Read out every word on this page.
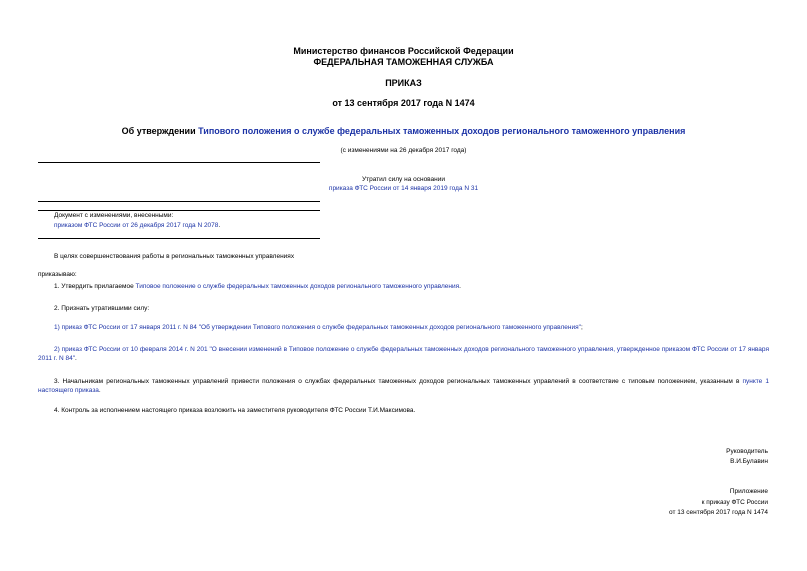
Министерство финансов Российской Федерации
ФЕДЕРАЛЬНАЯ ТАМОЖЕННАЯ СЛУЖБА
ПРИКАЗ
от 13 сентября 2017 года N 1474
Об утверждении Типового положения о службе федеральных таможенных доходов регионального таможенного управления
(с изменениями на 26 декабря 2017 года)
Утратил силу на основании
приказа ФТС России от 14 января 2019 года N 31
Документ с изменениями, внесенными:
приказом ФТС России от 26 декабря 2017 года N 2078.
В целях совершенствования работы в региональных таможенных управлениях
приказываю:
1. Утвердить прилагаемое Типовое положение о службе федеральных таможенных доходов регионального таможенного управления.
2. Признать утратившими силу:
1) приказ ФТС России от 17 января 2011 г. N 84 "Об утверждении Типового положения о службе федеральных таможенных доходов регионального таможенного управления";
2) приказ ФТС России от 10 февраля 2014 г. N 201 "О внесении изменений в Типовое положение о службе федеральных таможенных доходов регионального таможенного управления, утвержденное приказом ФТС России от 17 января 2011 г. N 84".
3. Начальникам региональных таможенных управлений привести положения о службах федеральных таможенных доходов региональных таможенных управлений в соответствие с типовым положением, указанным в пункте 1 настоящего приказа.
4. Контроль за исполнением настоящего приказа возложить на заместителя руководителя ФТС России Т.И.Максимова.
Руководитель
В.И.Булавин
Приложение
к приказу ФТС России
от 13 сентября 2017 года N 1474
